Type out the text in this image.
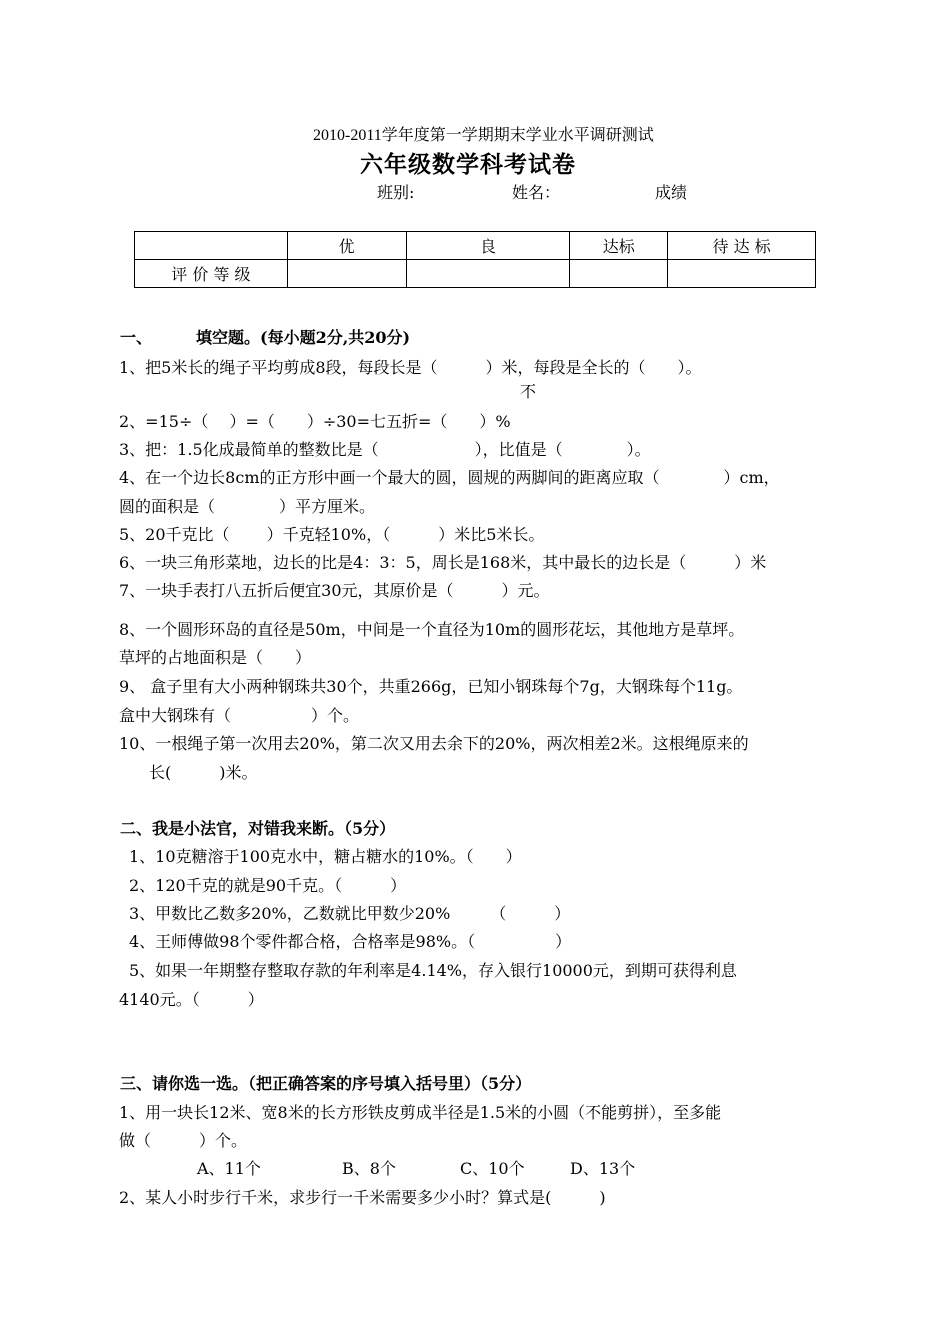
2010-2011学年度第一学期期末学业水平调研测试
六年级数学科考试卷
班别:	姓名：	成绩
	优	良	达标	待 达 标
评 价 等 级				
一、	填空题。(每小题2分,共20分)
1、把5米长的绳子平均剪成8段，每段长是（　　　）米，每段是全长的（　　）。
不
2、=15÷（　 ）=（　　）÷30=七五折=（　　）%
3、把：1.5化成最简单的整数比是（　　　　　　），比值是（　　　　）。
4、在一个边长8cm的正方形中画一个最大的圆，圆规的两脚间的距离应取（　　　　）cm，
圆的面积是（　　　　）平方厘米。
5、20千克比（　　 ）千克轻10%，（　　　）米比5米长。
6、一块三角形菜地，边长的比是4：3：5，周长是168米，其中最长的边长是（　　　）米
7、一块手表打八五折后便宜30元，其原价是（　　　）元。
8、一个圆形环岛的直径是50m，中间是一个直径为10m的圆形花坛，其他地方是草坪。
草坪的占地面积是（　　）
9、 盒子里有大小两种钢珠共30个，共重266g，已知小钢珠每个7g，大钢珠每个11g。
盒中大钢珠有（　　　　　）个。
10、一根绳子第一次用去20%，第二次又用去余下的20%，两次相差2米。这根绳原来的
长(　　　)米。
二、我是小法官，对错我来断。（5分）
1、10克糖溶于100克水中，糖占糖水的10%。（　　）
2、120千克的就是90千克。（　　　）
3、甲数比乙数多20%，乙数就比甲数少20%　　　（　　　）
4、王师傅做98个零件都合格，合格率是98%。（　　　　　）
5、如果一年期整存整取存款的年利率是4.14%，存入银行10000元，到期可获得利息
4140元。（　　　）
三、请你选一选。（把正确答案的序号填入括号里）（5分）
1、用一块长12米、宽8米的长方形铁皮剪成半径是1.5米的小圆（不能剪拼），至多能
做（　　　）个。
A、11个	B、8个	C、10个	D、13个
2、某人小时步行千米，求步行一千米需要多少小时？算式是(　　　)
